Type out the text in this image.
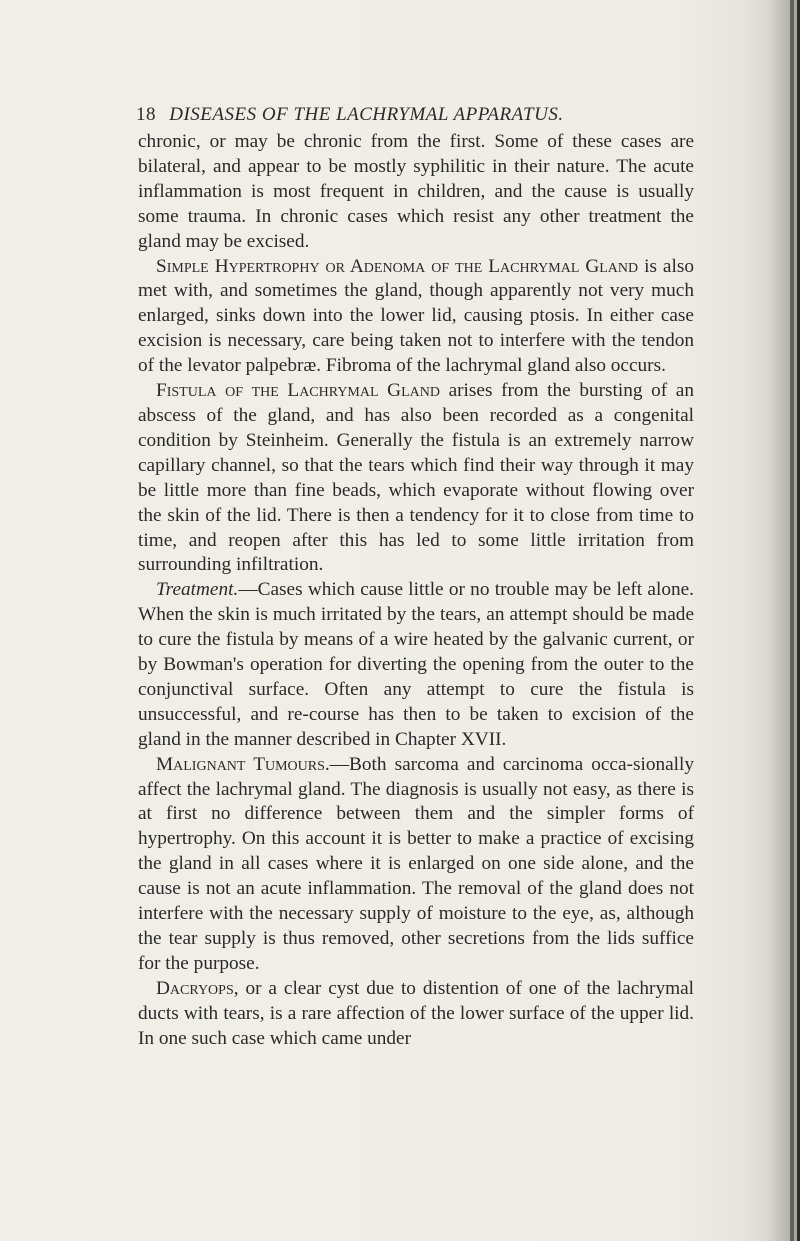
18 DISEASES OF THE LACHRYMAL APPARATUS.

chronic, or may be chronic from the first. Some of these cases are bilateral, and appear to be mostly syphilitic in their nature. The acute inflammation is most frequent in children, and the cause is usually some trauma. In chronic cases which resist any other treatment the gland may be excised.

Simple Hypertrophy or Adenoma of the Lachrymal Gland is also met with, and sometimes the gland, though apparently not very much enlarged, sinks down into the lower lid, causing ptosis. In either case excision is necessary, care being taken not to interfere with the tendon of the levator palpebræ. Fibroma of the lachrymal gland also occurs.

Fistula of the Lachrymal Gland arises from the bursting of an abscess of the gland, and has also been recorded as a congenital condition by Steinheim. Generally the fistula is an extremely narrow capillary channel, so that the tears which find their way through it may be little more than fine beads, which evaporate without flowing over the skin of the lid. There is then a tendency for it to close from time to time, and reopen after this has led to some little irritation from surrounding infiltration.

Treatment.—Cases which cause little or no trouble may be left alone. When the skin is much irritated by the tears, an attempt should be made to cure the fistula by means of a wire heated by the galvanic current, or by Bowman's operation for diverting the opening from the outer to the conjunctival surface. Often any attempt to cure the fistula is unsuccessful, and re-course has then to be taken to excision of the gland in the manner described in Chapter XVII.

Malignant Tumours.—Both sarcoma and carcinoma occa-sionally affect the lachrymal gland. The diagnosis is usually not easy, as there is at first no difference between them and the simpler forms of hypertrophy. On this account it is better to make a practice of excising the gland in all cases where it is enlarged on one side alone, and the cause is not an acute inflammation. The removal of the gland does not interfere with the necessary supply of moisture to the eye, as, although the tear supply is thus removed, other secretions from the lids suffice for the purpose.

Dacryops, or a clear cyst due to distention of one of the lachrymal ducts with tears, is a rare affection of the lower surface of the upper lid. In one such case which came under
